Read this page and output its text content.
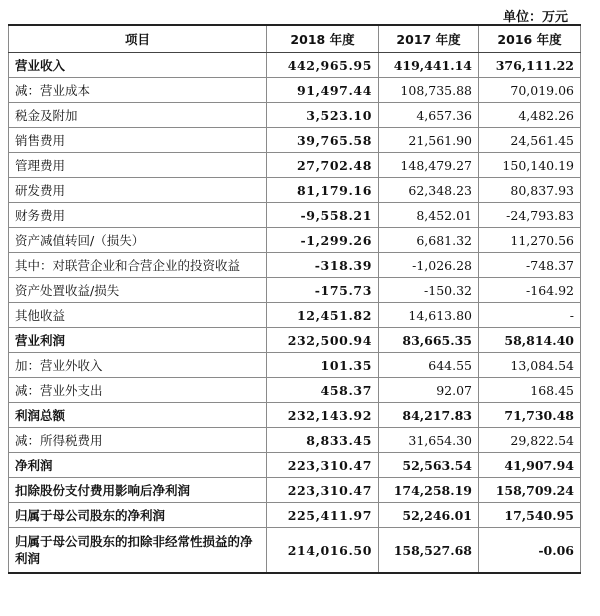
单位：万元
项目	2018 年度	2017 年度	2016 年度
营业收入	442,965.95	419,441.14	376,111.22
减：营业成本	91,497.44	108,735.88	70,019.06
税金及附加	3,523.10	4,657.36	4,482.26
销售费用	39,765.58	21,561.90	24,561.45
管理费用	27,702.48	148,479.27	150,140.19
研发费用	81,179.16	62,348.23	80,837.93
财务费用	-9,558.21	8,452.01	-24,793.83
资产减值转回/（损失）	-1,299.26	6,681.32	11,270.56
其中：对联营企业和合营企业的投资收益	-318.39	-1,026.28	-748.37
资产处置收益/损失	-175.73	-150.32	-164.92
其他收益	12,451.82	14,613.80	-
营业利润	232,500.94	83,665.35	58,814.40
加：营业外收入	101.35	644.55	13,084.54
减：营业外支出	458.37	92.07	168.45
利润总额	232,143.92	84,217.83	71,730.48
减：所得税费用	8,833.45	31,654.30	29,822.54
净利润	223,310.47	52,563.54	41,907.94
扣除股份支付费用影响后净利润	223,310.47	174,258.19	158,709.24
归属于母公司股东的净利润	225,411.97	52,246.01	17,540.95
归属于母公司股东的扣除非经常性损益的净利润	214,016.50	158,527.68	-0.06
